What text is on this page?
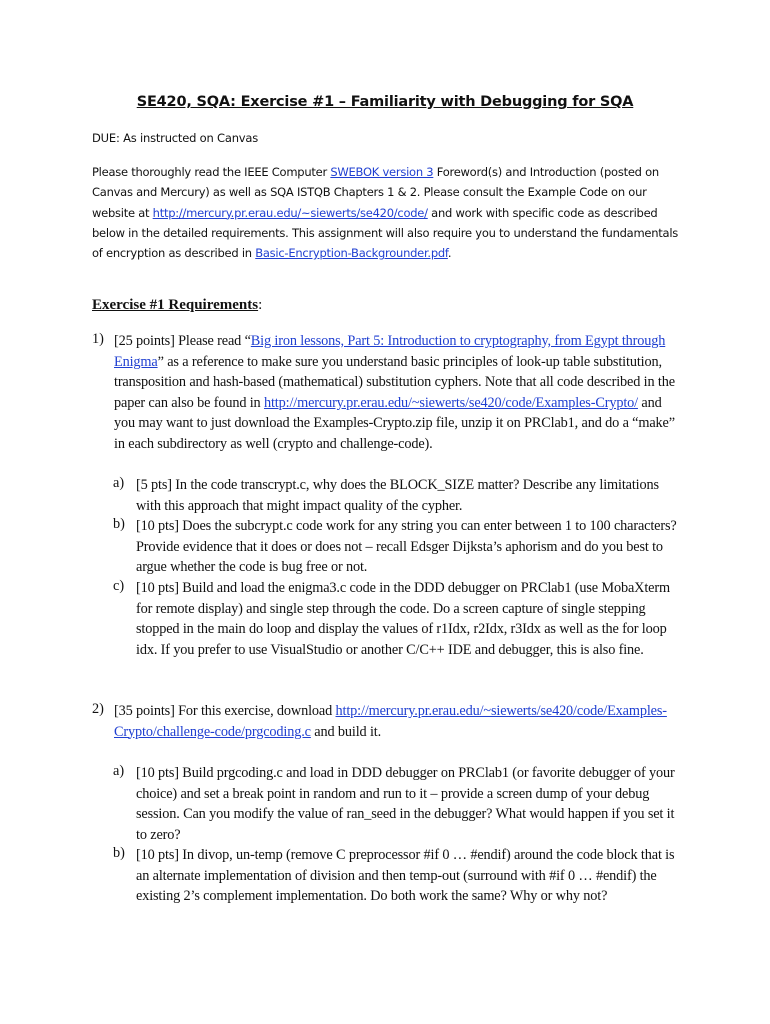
SE420, SQA: Exercise #1 – Familiarity with Debugging for SQA
DUE: As instructed on Canvas
Please thoroughly read the IEEE Computer SWEBOK version 3 Foreword(s) and Introduction (posted on Canvas and Mercury) as well as SQA ISTQB Chapters 1 & 2. Please consult the Example Code on our website at http://mercury.pr.erau.edu/~siewerts/se420/code/ and work with specific code as described below in the detailed requirements. This assignment will also require you to understand the fundamentals of encryption as described in Basic-Encryption-Backgrounder.pdf.
Exercise #1 Requirements:
1) [25 points] Please read “Big iron lessons, Part 5: Introduction to cryptography, from Egypt through Enigma” as a reference to make sure you understand basic principles of look-up table substitution, transposition and hash-based (mathematical) substitution cyphers. Note that all code described in the paper can also be found in http://mercury.pr.erau.edu/~siewerts/se420/code/Examples-Crypto/ and you may want to just download the Examples-Crypto.zip file, unzip it on PRClab1, and do a “make” in each subdirectory as well (crypto and challenge-code).
a) [5 pts] In the code transcrypt.c, why does the BLOCK_SIZE matter? Describe any limitations with this approach that might impact quality of the cypher.
b) [10 pts] Does the subcrypt.c code work for any string you can enter between 1 to 100 characters? Provide evidence that it does or does not – recall Edsger Dijksta’s aphorism and do you best to argue whether the code is bug free or not.
c) [10 pts] Build and load the enigma3.c code in the DDD debugger on PRClab1 (use MobaXterm for remote display) and single step through the code. Do a screen capture of single stepping stopped in the main do loop and display the values of r1Idx, r2Idx, r3Idx as well as the for loop idx. If you prefer to use VisualStudio or another C/C++ IDE and debugger, this is also fine.
2) [35 points] For this exercise, download http://mercury.pr.erau.edu/~siewerts/se420/code/Examples-Crypto/challenge-code/prgcoding.c and build it.
a) [10 pts] Build prgcoding.c and load in DDD debugger on PRClab1 (or favorite debugger of your choice) and set a break point in random and run to it – provide a screen dump of your debug session. Can you modify the value of ran_seed in the debugger? What would happen if you set it to zero?
b) [10 pts] In divop, un-temp (remove C preprocessor #if 0 … #endif) around the code block that is an alternate implementation of division and then temp-out (surround with #if 0 … #endif) the existing 2’s complement implementation. Do both work the same? Why or why not?
